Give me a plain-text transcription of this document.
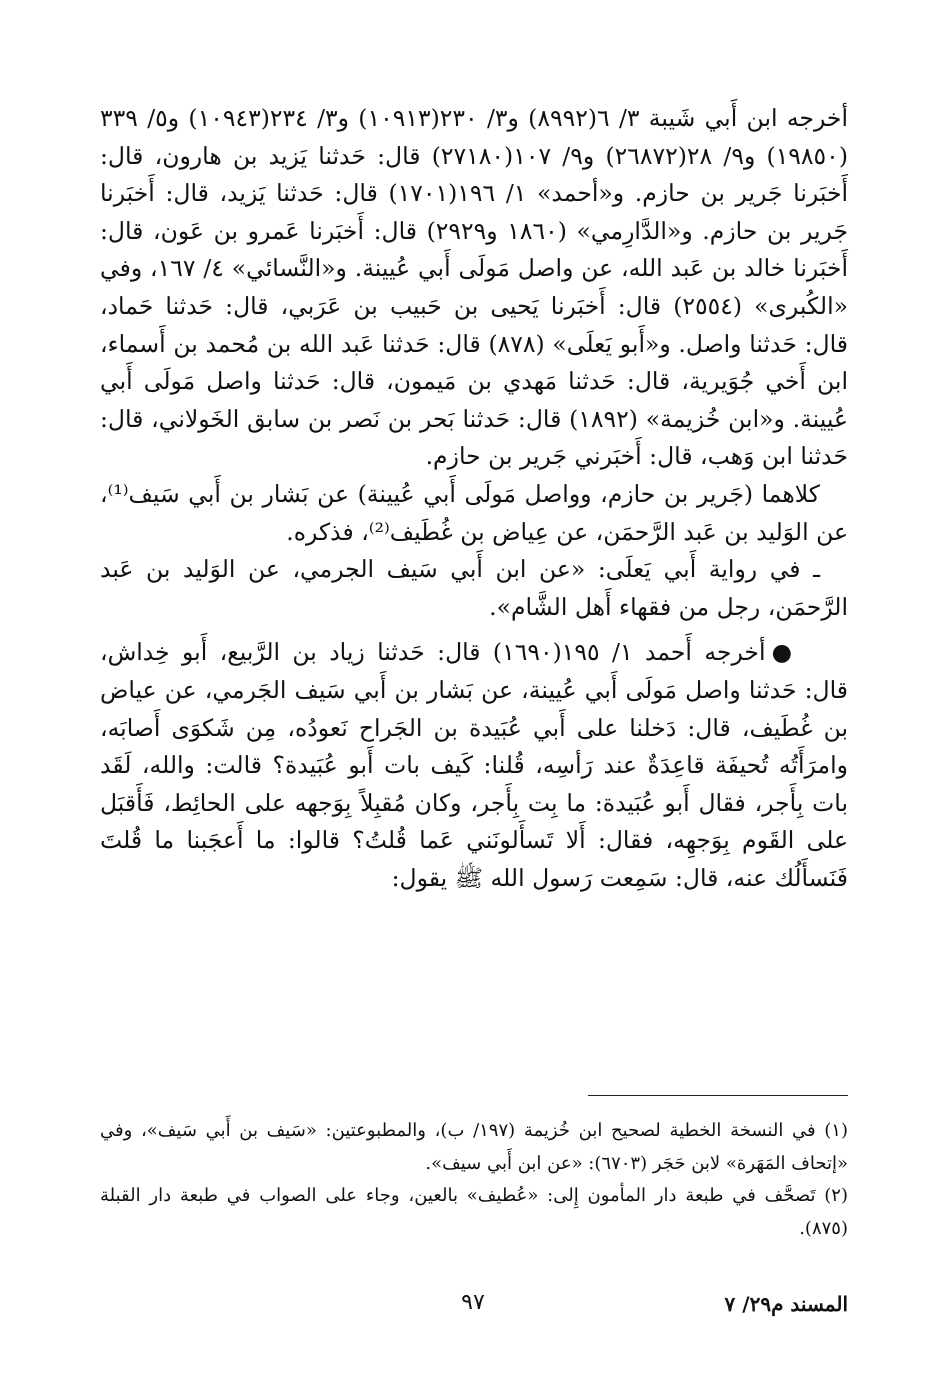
أخرجه ابن أَبي شَيبة ٣/ ٦(٨٩٩٢) و٣/ ٢٣٠(١٠٩١٣) و٣/ ٢٣٤(١٠٩٤٣) و٥/ ٣٣٩ (١٩٨٥٠) و٩/ ٢٨(٢٦٨٧٢) و٩/ ١٠٧(٢٧١٨٠) قال: حَدثنا يَزيد بن هارون، قال: أَخبَرنا جَرير بن حازم. و«أحمد» ١/ ١٩٦(١٧٠١) قال: حَدثنا يَزيد، قال: أَخبَرنا جَرير بن حازم. و«الدَّارِمي» (١٨٦٠ و٢٩٢٩) قال: أَخبَرنا عَمرو بن عَون، قال: أَخبَرنا خالد بن عَبد الله، عن واصل مَولَى أَبي عُيينة. و«النَّسائي» ٤/ ١٦٧، وفي «الكُبرى» (٢٥٥٤) قال: أَخبَرنا يَحيى بن حَبيب بن عَرَبي، قال: حَدثنا حَماد، قال: حَدثنا واصل. و«أَبو يَعلَى» (٨٧٨) قال: حَدثنا عَبد الله بن مُحمد بن أَسماء، ابن أَخي جُوَيرية، قال: حَدثنا مَهدي بن مَيمون، قال: حَدثنا واصل مَولَى أَبي عُيينة. و«ابن خُزيمة» (١٨٩٢) قال: حَدثنا بَحر بن نَصر بن سابق الخَولاني، قال: حَدثنا ابن وَهب، قال: أَخبَرني جَرير بن حازم.

كلاهما (جَرير بن حازم، وواصل مَولَى أَبي عُيينة) عن بَشار بن أَبي سَيف⁽¹⁾، عن الوَليد بن عَبد الرَّحمَن، عن عِياض بن غُطَيف⁽²⁾، فذكره.

ـ في رواية أَبي يَعلَى: «عن ابن أَبي سَيف الجرمي، عن الوَليد بن عَبد الرَّحمَن، رجل من فقهاء أَهل الشَّام».

●أخرجه أَحمد ١/ ١٩٥(١٦٩٠) قال: حَدثنا زياد بن الرَّبيع، أَبو خِداش، قال: حَدثنا واصل مَولَى أَبي عُيينة، عن بَشار بن أَبي سَيف الجَرمي، عن عياض بن غُطَيف، قال: دَخلنا على أَبي عُبَيدة بن الجَراح نَعودُه، مِن شَكوَى أَصابَه، وامرَأَتُه تُحيفَة قاعِدَةٌ عند رَأسِه، قُلنا: كَيف بات أَبو عُبَيدة؟ قالت: والله، لَقَد بات بِأَجر، فقال أَبو عُبَيدة: ما بِت بِأَجر، وكان مُقبِلاً بِوَجهه على الحائِط، فَأَقبَل على القَوم بِوَجهِه، فقال: أَلا تَسأَلونَني عَما قُلتُ؟ قالوا: ما أَعجَبنا ما قُلتَ فَنَسأَلُك عنه، قال: سَمِعت رَسول الله ﷺ يقول:

(١) في النسخة الخطية لصحيح ابن خُزيمة (١٩٧/ ب)، والمطبوعتين: «سَيف بن أَبي سَيف»، وفي «إتحاف المَهَرة» لابن حَجَر (٦٧٠٣): «عن ابن أَبي سيف».

(٢) تَصحَّف في طبعة دار المأمون إِلى: «عُطيف» بالعين، وجاء على الصواب في طبعة دار القبلة (٨٧٥).

المسند م٢٩/ ٧
٩٧
